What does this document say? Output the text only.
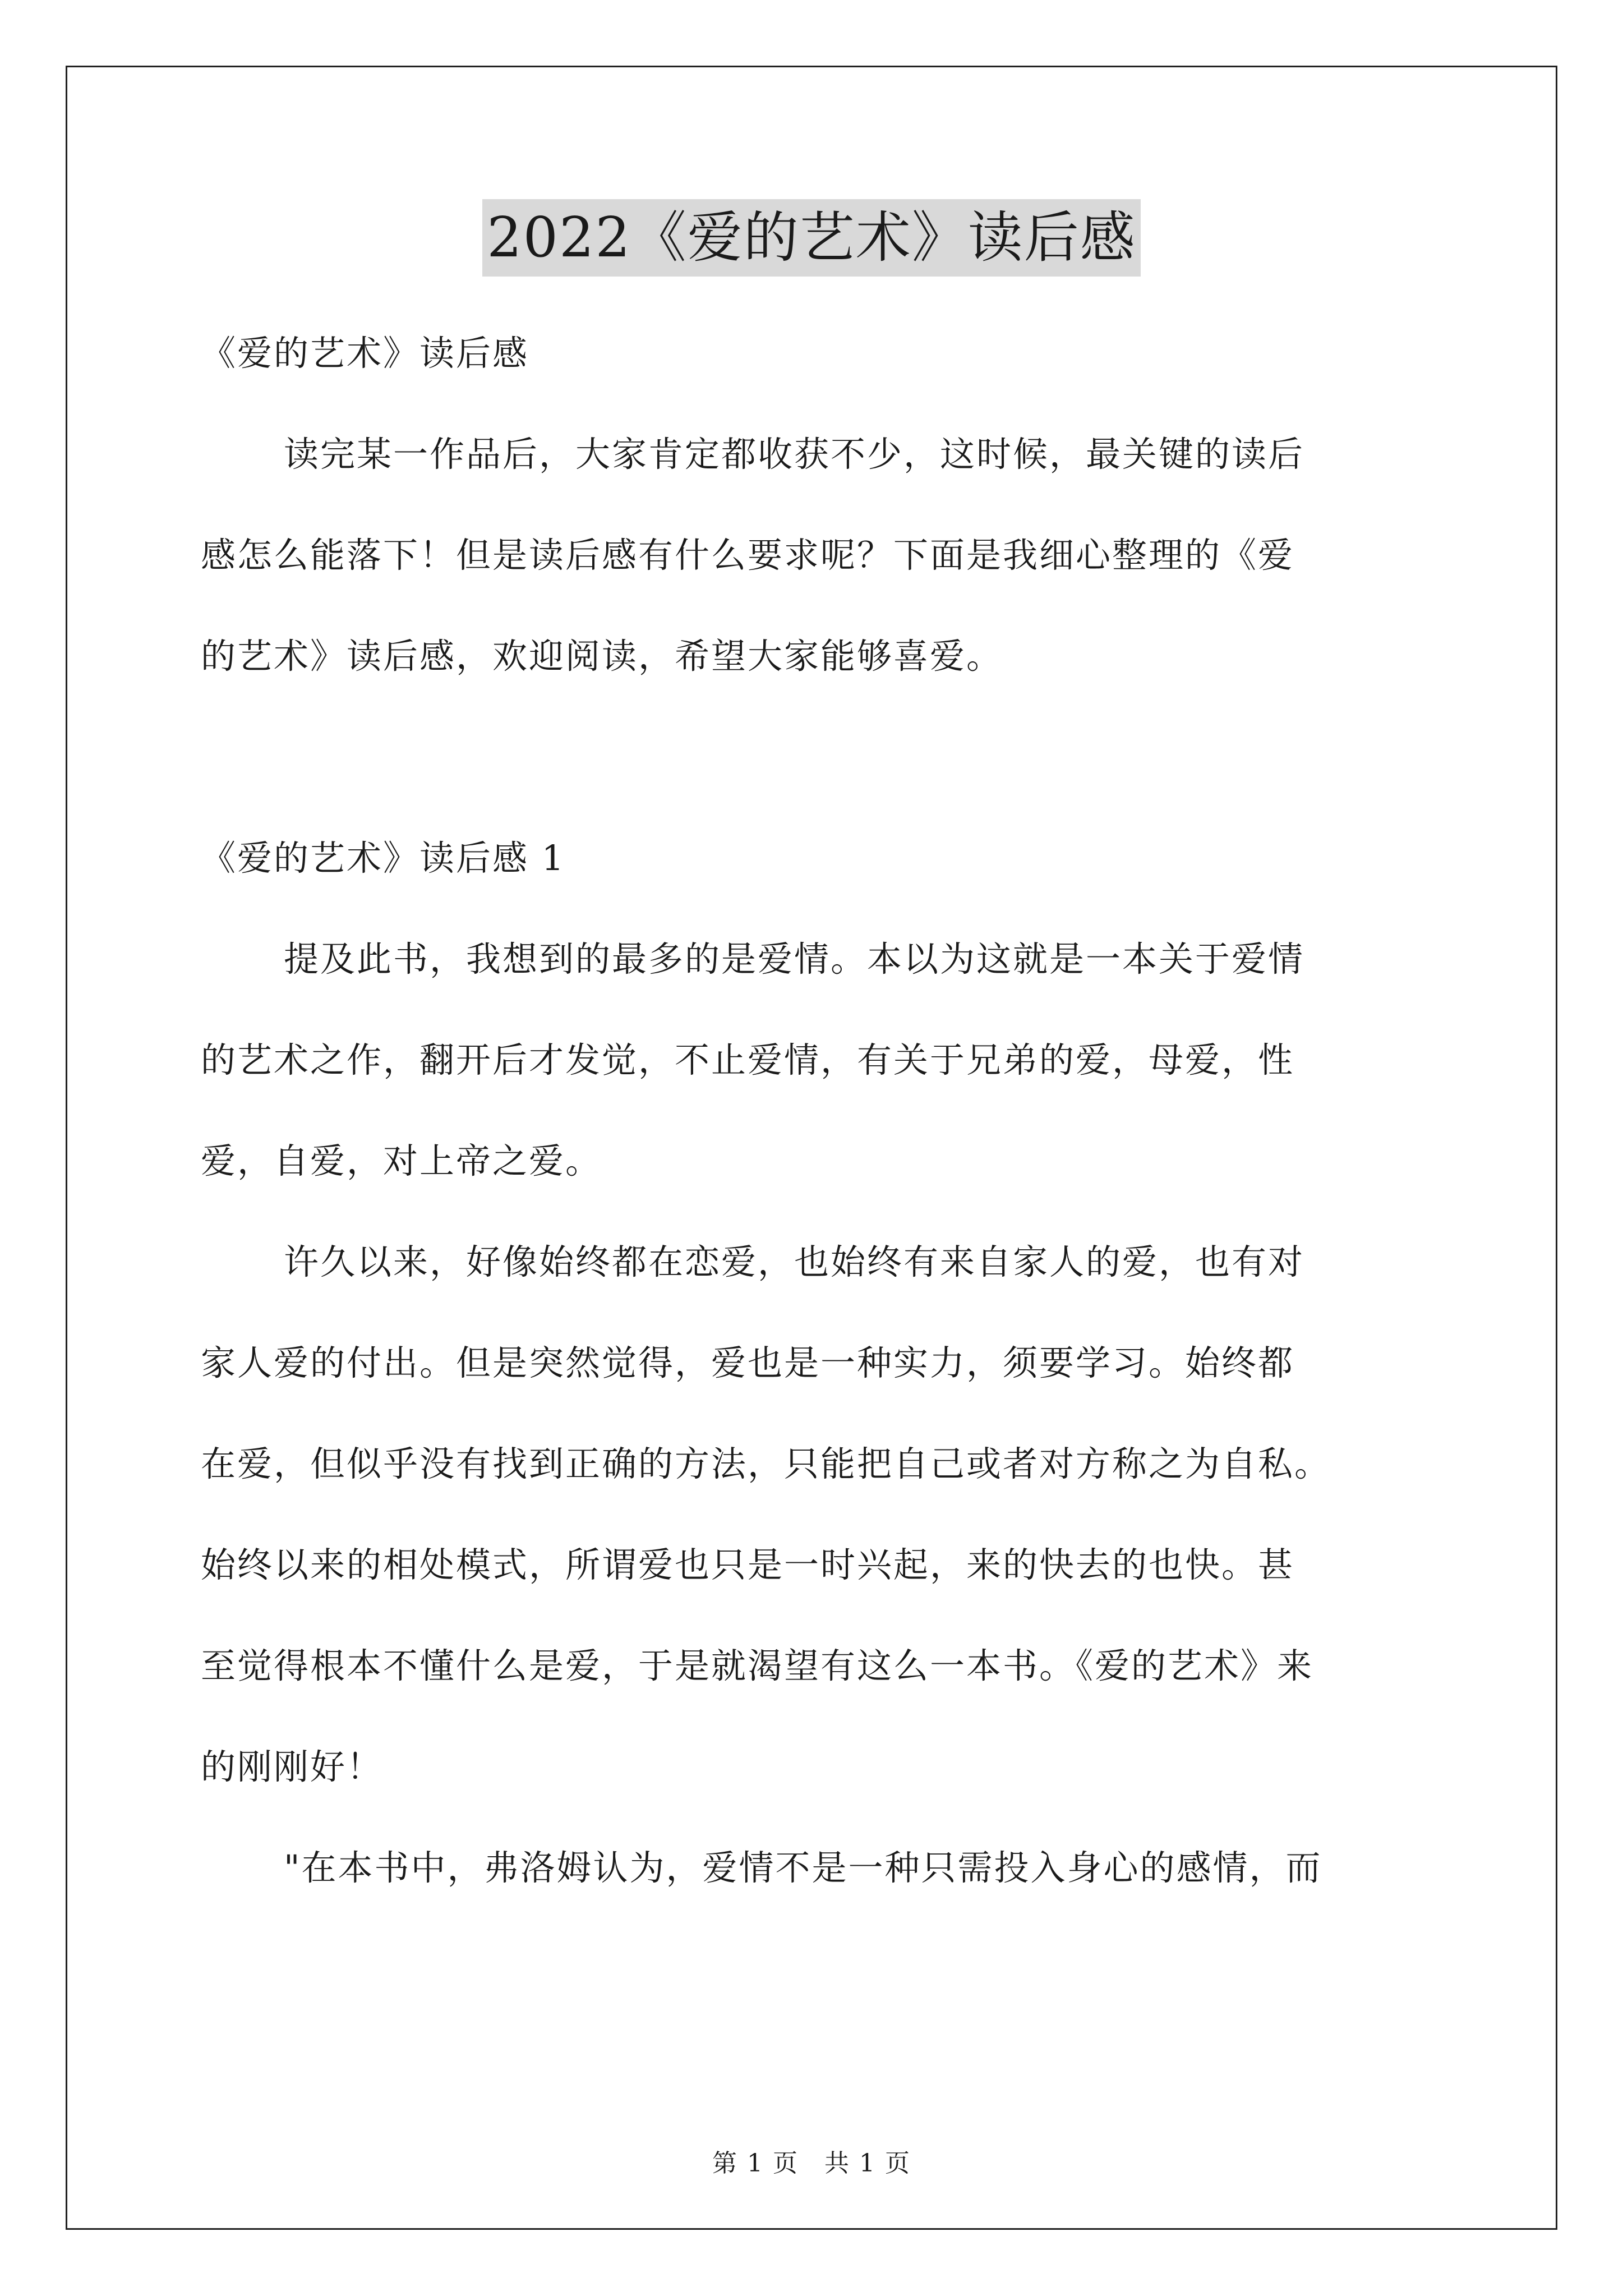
2022《爱的艺术》读后感
《爱的艺术》读后感
读完某一作品后，大家肯定都收获不少，这时候，最关键的读后
感怎么能落下！但是读后感有什么要求呢？下面是我细心整理的《爱
的艺术》读后感，欢迎阅读，希望大家能够喜爱。
《爱的艺术》读后感 1
提及此书，我想到的最多的是爱情。本以为这就是一本关于爱情
的艺术之作，翻开后才发觉，不止爱情，有关于兄弟的爱，母爱，性
爱，自爱，对上帝之爱。
许久以来，好像始终都在恋爱，也始终有来自家人的爱，也有对
家人爱的付出。但是突然觉得，爱也是一种实力，须要学习。始终都
在爱，但似乎没有找到正确的方法，只能把自己或者对方称之为自私。
始终以来的相处模式，所谓爱也只是一时兴起，来的快去的也快。甚
至觉得根本不懂什么是爱，于是就渴望有这么一本书。《爱的艺术》来
的刚刚好！
"在本书中，弗洛姆认为，爱情不是一种只需投入身心的感情，而
第 1 页　共 1 页
